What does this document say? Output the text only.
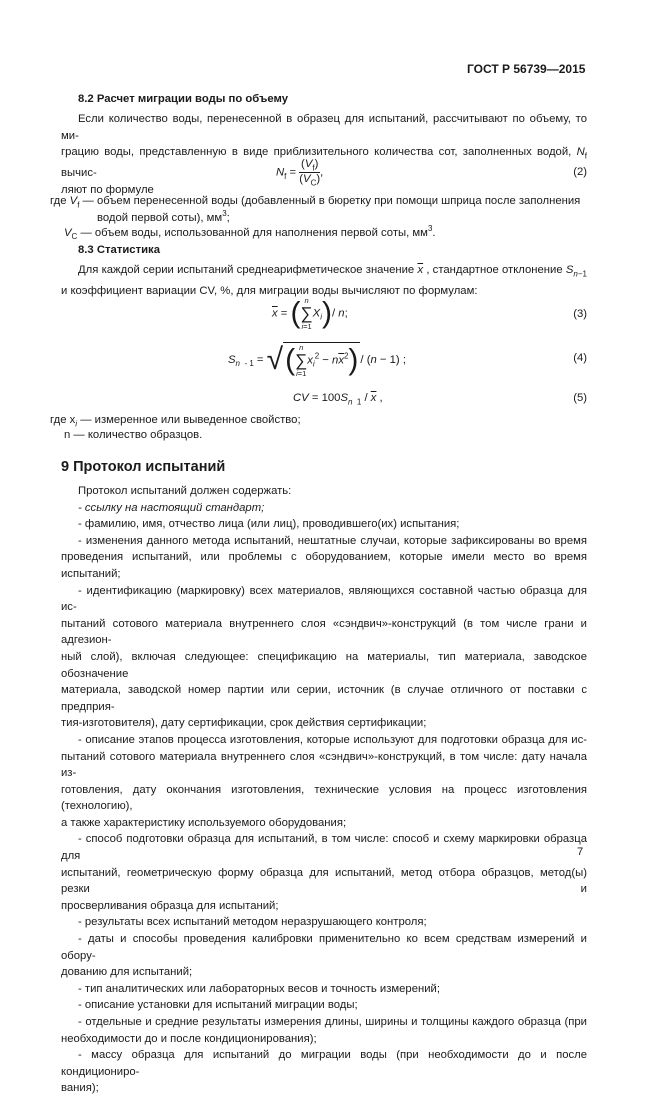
ГОСТ Р 56739—2015
8.2 Расчет миграции воды по объему
Если количество воды, перенесенной в образец для испытаний, рассчитывают по объему, то ми-
грацию воды, представленную в виде приблизительного количества сот, заполненных водой, $N_f$ вычис-
ляют по формуле
$N_f = \frac{(V_f)}{(V_C)}$ ,	(2)
где $V_f$ — объем перенесенной воды (добавленный в бюретку при помощи шприца после заполнения
водой первой соты), $мм^3$;
$V_C$ — объем воды, использованной для наполнения первой соты, $мм^3$.
8.3 Статистика
Для каждой серии испытаний среднеарифметическое значение $\overline{x}$ , стандартное отклонение $S_{n-1}$
и коэффициент вариации CV, %, для миграции воды вычисляют по формулам:
$\overline{x}$ = ( n
∑
i=1
$X_i)/$ n;	(3)
$S_{n - 1}$ = √( n
∑
i=1
$x_i^2 - n\overline{x}^2) / (n - 1)$ ;	(4)
CV = $100S_{n 1} / \overline{x}$ ,	(5)
где $x_i$ — измеренное или выведенное свойство;
n — количество образцов.
9 Протокол испытаний
Протокол испытаний должен содержать:
- ссылку на настоящий стандарт;
- фамилию, имя, отчество лица (или лиц), проводившего(их) испытания;
- изменения данного метода испытаний, нештатные случаи, которые зафиксированы во время
проведения испытаний, или проблемы с оборудованием, которые имели место во время испытаний;
- идентификацию (маркировку) всех материалов, являющихся составной частью образца для ис-
пытаний сотового материала внутреннего слоя «сэндвич»-конструкций (в том числе грани и адгезион-
ный слой), включая следующее: спецификацию на материалы, тип материала, заводское обозначение
материала, заводской номер партии или серии, источник (в случае отличного от поставки с предприя-
тия-изготовителя), дату сертификации, срок действия сертификации;
- описание этапов процесса изготовления, которые используют для подготовки образца для ис-
пытаний сотового материала внутреннего слоя «сэндвич»-конструкций, в том числе: дату начала из-
готовления, дату окончания изготовления, технические условия на процесс изготовления (технологию),
а также характеристику используемого оборудования;
- способ подготовки образца для испытаний, в том числе: способ и схему маркировки образца для
испытаний, геометрическую форму образца для испытаний, метод отбора образцов, метод(ы) резки и
просверливания образца для испытаний;
- результаты всех испытаний методом неразрушающего контроля;
- даты и способы проведения калибровки применительно ко всем средствам измерений и обору-
дованию для испытаний;
- тип аналитических или лабораторных весов и точность измерений;
- описание установки для испытаний миграции воды;
- отдельные и средние результаты измерения длины, ширины и толщины каждого образца (при
необходимости до и после кондиционирования);
- массу образца для испытаний до миграции воды (при необходимости до и после кондициониро-
вания);
7
